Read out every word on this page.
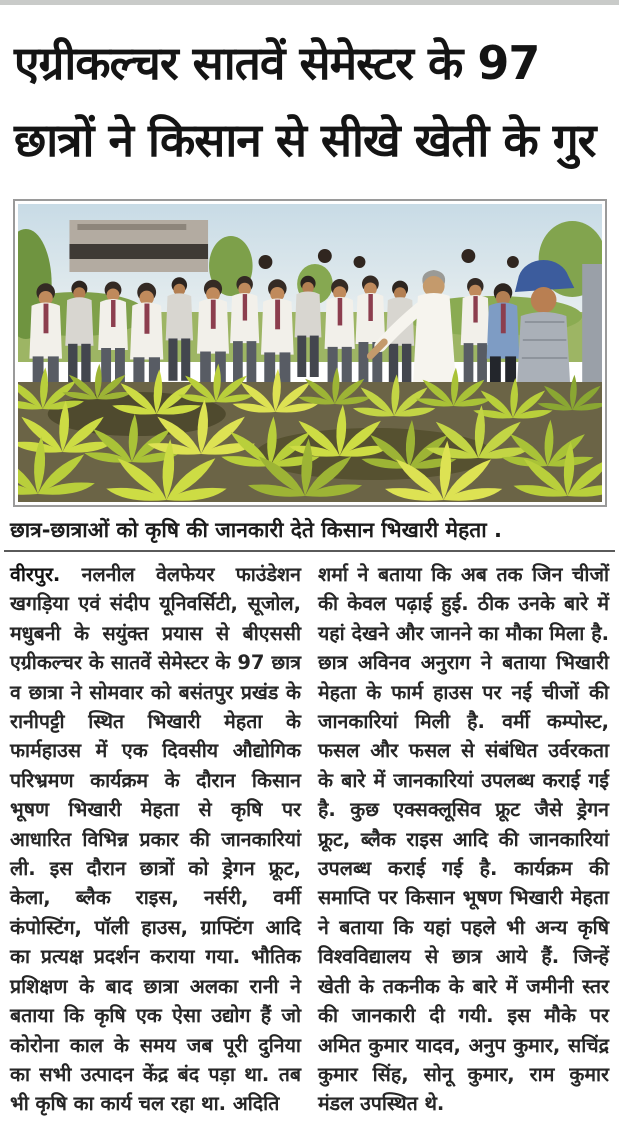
एग्रीकल्चर सातवें सेमेस्टर के 97
छात्रों ने किसान से सीखे खेती के गुर
छात्र-छात्राओं को कृषि की जानकारी देते किसान भिखारी मेहता .

वीरपुर. नलनील वेलफेयर फाउंडेशन खगड़िया एवं संदीप यूनिवर्सिटी, सूजोल, मधुबनी के सयुंक्त प्रयास से बीएससी एग्रीकल्चर के सातवें सेमेस्टर के 97 छात्र व छात्रा ने सोमवार को बसंतपुर प्रखंड के रानीपट्टी स्थित भिखारी मेहता के फार्महाउस में एक दिवसीय औद्योगिक परिभ्रमण कार्यक्रम के दौरान किसान भूषण भिखारी मेहता से कृषि पर आधारित विभिन्न प्रकार की जानकारियां ली. इस दौरान छात्रों को ड्रेगन फ्रूट, केला, ब्लैक राइस, नर्सरी, वर्मी कंपोस्टिंग, पॉली हाउस, ग्राफ्टिंग आदि का प्रत्यक्ष प्रदर्शन कराया गया. भौतिक प्रशिक्षण के बाद छात्रा अलका रानी ने बताया कि कृषि एक ऐसा उद्योग हैं जो कोरोना काल के समय जब पूरी दुनिया का सभी उत्पादन केंद्र बंद पड़ा था. तब भी कृषि का कार्य चल रहा था. अदिति

शर्मा ने बताया कि अब तक जिन चीजों की केवल पढ़ाई हुई. ठीक उनके बारे में यहां देखने और जानने का मौका मिला है. छात्र अविनव अनुराग ने बताया भिखारी मेहता के फार्म हाउस पर नई चीजों की जानकारियां मिली है. वर्मी कम्पोस्ट, फसल और फसल से संबंधित उर्वरकता के बारे में जानकारियां उपलब्ध कराई गई है. कुछ एक्सक्लूसिव फ्रूट जैसे ड्रेगन फ्रूट, ब्लैक राइस आदि की जानकारियां उपलब्ध कराई गई है. कार्यक्रम की समाप्ति पर किसान भूषण भिखारी मेहता ने बताया कि यहां पहले भी अन्य कृषि विश्वविद्यालय से छात्र आये हैं. जिन्हें खेती के तकनीक के बारे में जमीनी स्तर की जानकारी दी गयी. इस मौके पर अमित कुमार यादव, अनुप कुमार, सचिंद्र कुमार सिंह, सोनू कुमार, राम कुमार मंडल उपस्थित थे.
